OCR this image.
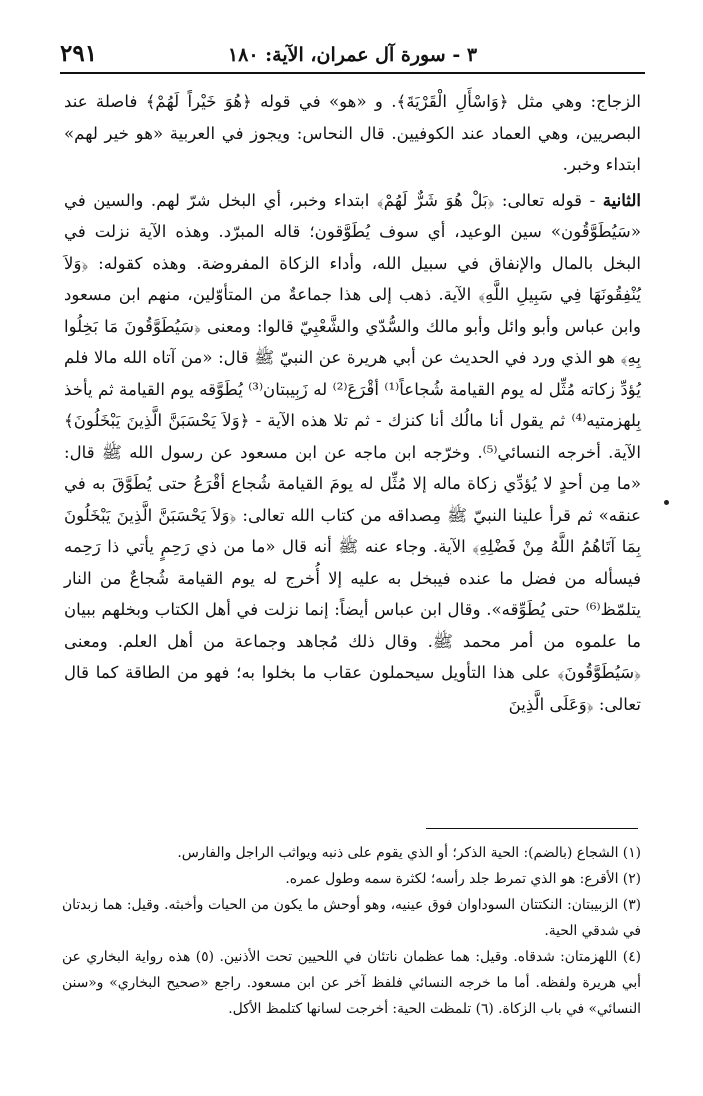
٣ - سورة آل عمران، الآية: ١٨٠
٢٩١

الزجاج: وهي مثل ﴿وَاسْأَلِ الْقَرْيَةَ﴾. و «هو» في قوله ﴿هُوَ خَيْراً لَهُمْ﴾ فاصلة عند البصريين، وهي العماد عند الكوفيين. قال النحاس: ويجوز في العربية «هو خير لهم» ابتداء وخبر.

الثانية - قوله تعالى: ﴿بَلْ هُوَ شَرٌّ لَهُمْ﴾ ابتداء وخبر، أي البخل شرّ لهم. والسين في «سَيُطَوَّقُون» سين الوعيد، أي سوف يُطَوَّقون؛ قاله المبرّد. وهذه الآية نزلت في البخل بالمال والإنفاق في سبيل الله، وأداء الزكاة المفروضة. وهذه كقوله: ﴿وَلاَ يُنْفِقُونَهَا فِي سَبِيلِ اللَّهِ﴾ الآية. ذهب إلى هذا جماعةٌ من المتأوّلين، منهم ابن مسعود وابن عباس وأبو وائل وأبو مالك والسُّدّي والشَّعْبِيّ قالوا: ومعنى ﴿سَيُطَوَّقُونَ مَا بَخِلُوا بِهِ﴾ هو الذي ورد في الحديث عن أبي هريرة عن النبيّ ﷺ قال: «من آتاه الله مالا فلم يُؤدِّ زكاته مُثِّل له يوم القيامة شُجاعاً⁽¹⁾ أقْرَعَ⁽²⁾ له زَبِيبتان⁽³⁾ يُطَوَّقه يوم القيامة ثم يأخذ بِلهزمتيه⁽⁴⁾ ثم يقول أنا مالُك أنا كنزك - ثم تلا هذه الآية - ﴿وَلاَ يَحْسَبَنَّ الَّذِينَ يَبْخَلُونَ﴾ الآية. أخرجه النسائي⁽⁵⁾. وخرّجه ابن ماجه عن ابن مسعود عن رسول الله ﷺ قال: «ما مِن أحدٍ لا يُؤدِّي زكاة ماله إلا مُثِّل له يومَ القيامة شُجاع أقْرَعُ حتى يُطَوَّقَ به في عنقه» ثم قرأ علينا النبيّ ﷺ مِصداقه من كتاب الله تعالى: ﴿وَلاَ يَحْسَبَنَّ الَّذِينَ يَبْخَلُونَ بِمَا آتَاهُمُ اللَّهُ مِنْ فَضْلِهِ﴾ الآية. وجاء عنه ﷺ أنه قال «ما من ذي رَحِمٍ يأتي ذا رَحِمه فيسأله من فضل ما عنده فيبخل به عليه إلا أُخرج له يوم القيامة شُجاعٌ من النار يتلمّظ⁽⁶⁾ حتى يُطَوِّقه». وقال ابن عباس أيضاً: إنما نزلت في أهل الكتاب وبخلهم ببيان ما علموه من أمر محمد ﷺ. وقال ذلك مُجاهد وجماعة من أهل العلم. ومعنى ﴿سَيُطَوَّقُونَ﴾ على هذا التأويل سيحملون عقاب ما بخلوا به؛ فهو من الطاقة كما قال تعالى: ﴿وَعَلَى الَّذِينَ

(١) الشجاع (بالضم): الحية الذكر؛ أو الذي يقوم على ذنبه ويواثب الراجل والفارس.

(٢) الأقرع: هو الذي تمرط جلد رأسه؛ لكثرة سمه وطول عمره.

(٣) الزبيبتان: النكتتان السوداوان فوق عينيه، وهو أوحش ما يكون من الحيات وأخبثه. وقيل: هما زبدتان في شدقي الحية.

(٤) اللهزمتان: شدقاه. وقيل: هما عظمان ناتئان في اللحيين تحت الأذنين. (٥) هذه رواية البخاري عن أبي هريرة ولفظه. أما ما خرجه النسائي فلفظ آخر عن ابن مسعود. راجع «صحيح البخاري» و«سنن النسائي» في باب الزكاة. (٦) تلمظت الحية: أخرجت لسانها كتلمظ الأكل.
